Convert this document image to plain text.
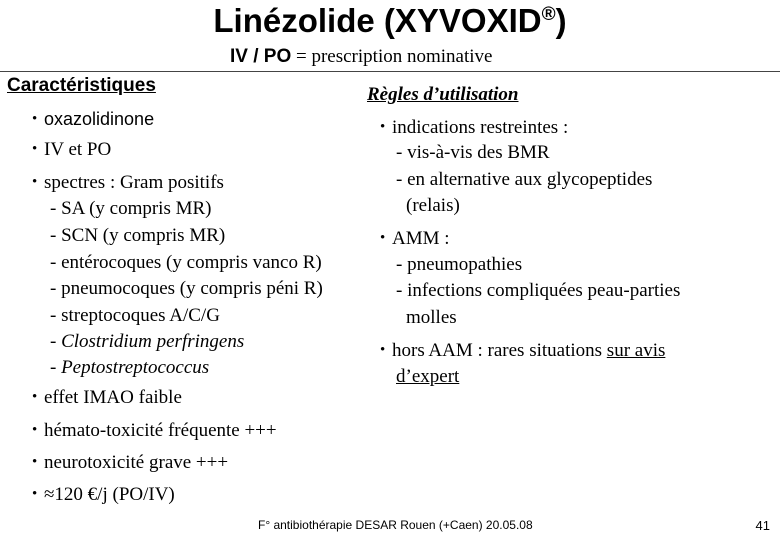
Linézolide (XYVOXID®)
IV / PO = prescription nominative
Caractéristiques
• oxazolidinone
• IV et PO
• spectres : Gram positifs
- SA (y compris MR)
- SCN (y compris MR)
- entérocoques (y compris vanco R)
- pneumocoques (y compris péni R)
- streptocoques A/C/G
- Clostridium perfringens
- Peptostreptococcus
• effet IMAO faible
• hémato-toxicité fréquente +++
• neurotoxicité grave +++
• ≈120 €/j (PO/IV)
Règles d’utilisation
• indications restreintes :
- vis-à-vis des BMR
- en alternative aux glycopeptides
(relais)
• AMM :
- pneumopathies
- infections compliquées peau-parties
molles
• hors AAM : rares situations sur avis
d’expert
F° antibiothérapie DESAR Rouen (+Caen) 20.05.08	41
